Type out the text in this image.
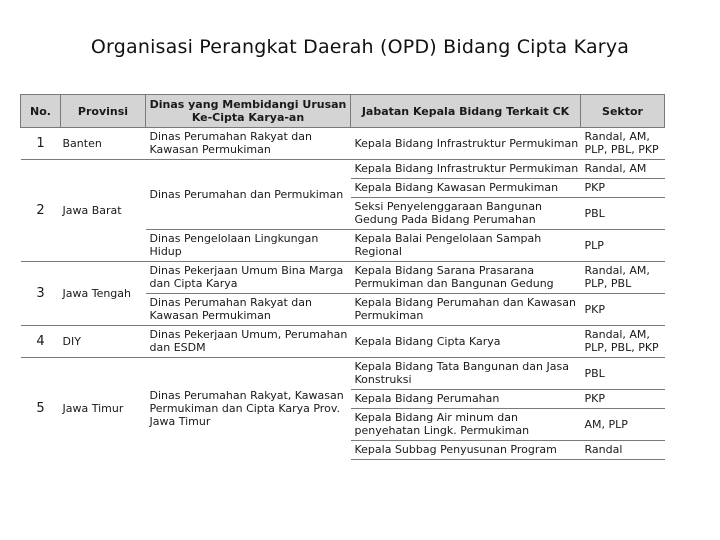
Organisasi Perangkat Daerah (OPD) Bidang Cipta Karya
No.	Provinsi	Dinas yang Membidangi Urusan Ke-Cipta Karya-an	Jabatan Kepala Bidang Terkait CK	Sektor
1	Banten	Dinas Perumahan Rakyat dan Kawasan Permukiman	Kepala Bidang Infrastruktur Permukiman	Randal, AM, PLP, PBL, PKP
2	Jawa Barat	Dinas Perumahan dan Permukiman	Kepala Bidang Infrastruktur Permukiman	Randal, AM
			Kepala Bidang Kawasan Permukiman	PKP
			Seksi Penyelenggaraan Bangunan Gedung Pada Bidang Perumahan	PBL
		Dinas Pengelolaan Lingkungan Hidup	Kepala Balai Pengelolaan Sampah Regional	PLP
3	Jawa Tengah	Dinas Pekerjaan Umum Bina Marga dan Cipta Karya	Kepala Bidang Sarana Prasarana Permukiman dan Bangunan Gedung	Randal, AM, PLP, PBL
		Dinas Perumahan Rakyat dan Kawasan Permukiman	Kepala Bidang Perumahan dan Kawasan Permukiman	PKP
4	DIY	Dinas Pekerjaan Umum, Perumahan dan ESDM	Kepala Bidang Cipta Karya	Randal, AM, PLP, PBL, PKP
5	Jawa Timur	Dinas Perumahan Rakyat, Kawasan Permukiman dan Cipta Karya Prov. Jawa Timur	Kepala Bidang Tata Bangunan dan Jasa Konstruksi	PBL
			Kepala Bidang Perumahan	PKP
			Kepala Bidang Air minum dan penyehatan Lingk. Permukiman	AM, PLP
			Kepala Subbag Penyusunan Program	Randal
